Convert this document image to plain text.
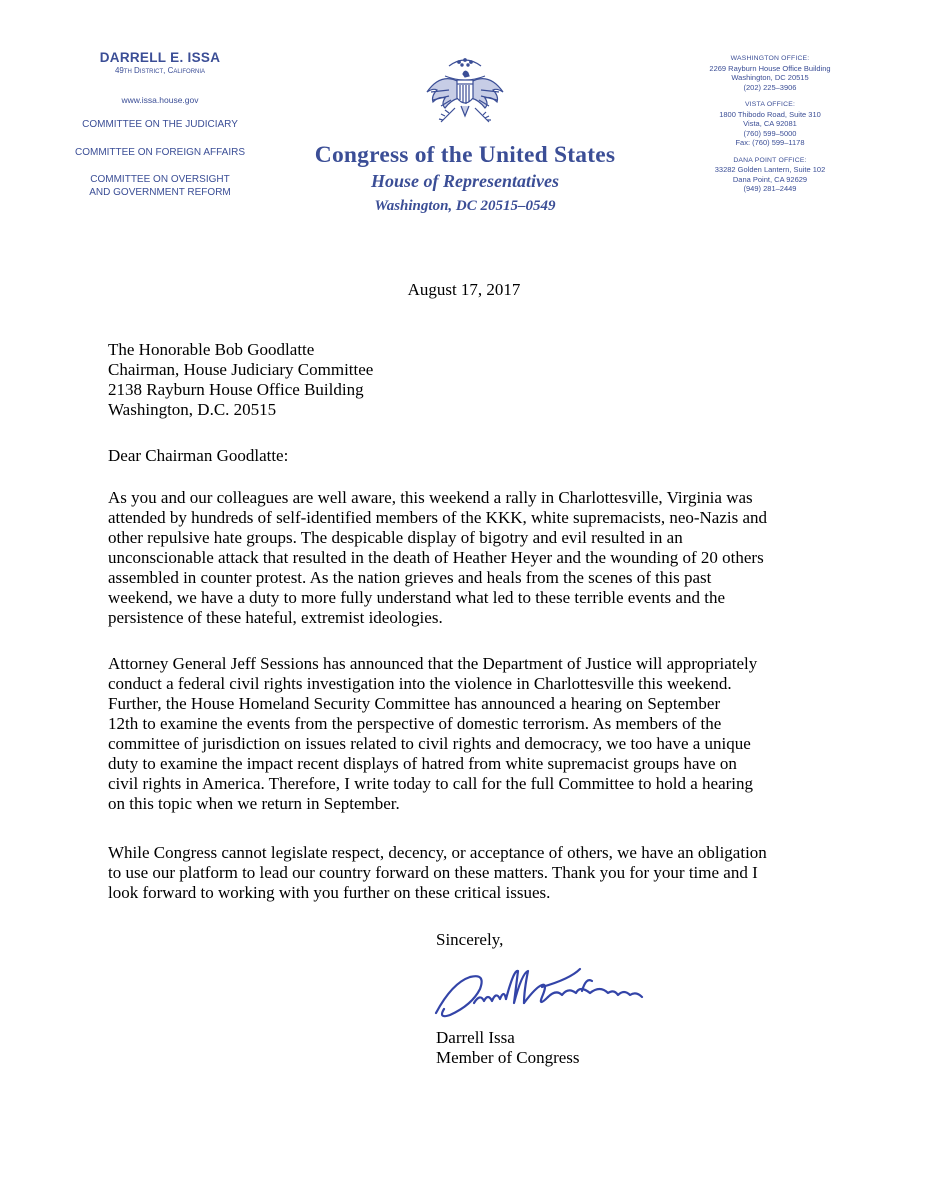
DARRELL E. ISSA
49th District, California
www.issa.house.gov
COMMITTEE ON THE JUDICIARY
COMMITTEE ON FOREIGN AFFAIRS
COMMITTEE ON OVERSIGHT
AND GOVERNMENT REFORM
Congress of the United States
House of Representatives
Washington, DC 20515–0549
WASHINGTON OFFICE:
2269 Rayburn House Office Building
Washington, DC 20515
(202) 225–3906
VISTA OFFICE:
1800 Thibodo Road, Suite 310
Vista, CA 92081
(760) 599–5000
Fax: (760) 599–1178
DANA POINT OFFICE:
33282 Golden Lantern, Suite 102
Dana Point, CA 92629
(949) 281–2449
August 17, 2017
The Honorable Bob Goodlatte
Chairman, House Judiciary Committee
2138 Rayburn House Office Building
Washington, D.C. 20515
Dear Chairman Goodlatte:
As you and our colleagues are well aware, this weekend a rally in Charlottesville, Virginia was
attended by hundreds of self-identified members of the KKK, white supremacists, neo-Nazis and
other repulsive hate groups. The despicable display of bigotry and evil resulted in an
unconscionable attack that resulted in the death of Heather Heyer and the wounding of 20 others
assembled in counter protest. As the nation grieves and heals from the scenes of this past
weekend, we have a duty to more fully understand what led to these terrible events and the
persistence of these hateful, extremist ideologies.
Attorney General Jeff Sessions has announced that the Department of Justice will appropriately
conduct a federal civil rights investigation into the violence in Charlottesville this weekend.
Further, the House Homeland Security Committee has announced a hearing on September
12th to examine the events from the perspective of domestic terrorism. As members of the
committee of jurisdiction on issues related to civil rights and democracy, we too have a unique
duty to examine the impact recent displays of hatred from white supremacist groups have on
civil rights in America. Therefore, I write today to call for the full Committee to hold a hearing
on this topic when we return in September.
While Congress cannot legislate respect, decency, or acceptance of others, we have an obligation
to use our platform to lead our country forward on these matters. Thank you for your time and I
look forward to working with you further on these critical issues.
Sincerely,
Darrell Issa
Member of Congress
